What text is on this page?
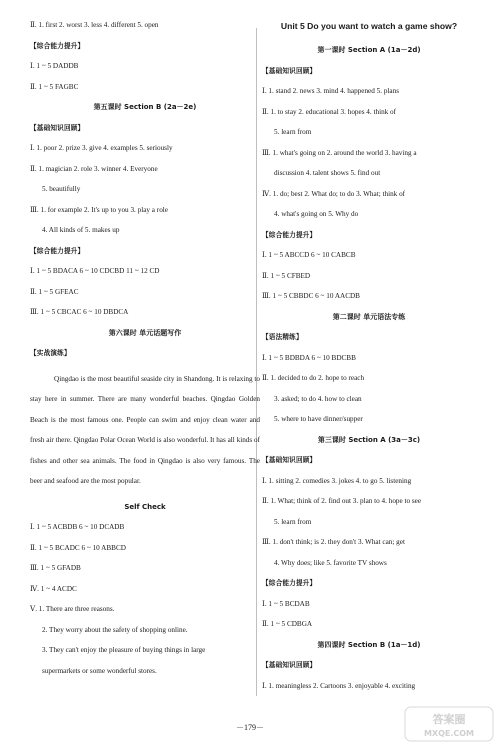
Ⅱ. 1. first 2. worst 3. less 4. different 5. open
【综合能力提升】
Ⅰ. 1 ~ 5 DADDB
Ⅱ. 1 ~ 5 FAGBC
第五课时 Section B (2a－2e)
【基础知识回顾】
Ⅰ. 1. poor 2. prize 3. give 4. examples 5. seriously
Ⅱ. 1. magician 2. role 3. winner 4. Everyone
5. beautifully
Ⅲ. 1. for example 2. It's up to you 3. play a role
4. All kinds of 5. makes up
【综合能力提升】
Ⅰ. 1 ~ 5 BDACA 6 ~ 10 CDCBD 11 ~ 12 CD
Ⅱ. 1 ~ 5 GFEAC
Ⅲ. 1 ~ 5 CBCAC 6 ~ 10 DBDCA
第六课时 单元话题写作
【实战演练】
Qingdao is the most beautiful seaside city in Shandong. It is relaxing to stay here in summer. There are many wonderful beaches. Qingdao Golden Beach is the most famous one. People can swim and enjoy clean water and fresh air there. Qingdao Polar Ocean World is also wonderful. It has all kinds of fishes and other sea animals. The food in Qingdao is also very famous. The beer and seafood are the most popular.
Self Check
Ⅰ. 1 ~ 5 ACBDB 6 ~ 10 DCADB
Ⅱ. 1 ~ 5 BCADC 6 ~ 10 ABBCD
Ⅲ. 1 ~ 5 GFADB
Ⅳ. 1 ~ 4 ACDC
Ⅴ. 1. There are three reasons.
2. They worry about the safety of shopping online.
3. They can't enjoy the pleasure of buying things in large
supermarkets or some wonderful stores.
Unit 5 Do you want to watch a game show?
第一课时 Section A (1a－2d)
【基础知识回顾】
Ⅰ. 1. stand 2. news 3. mind 4. happened 5. plans
Ⅱ. 1. to stay 2. educational 3. hopes 4. think of
5. learn from
Ⅲ. 1. what's going on 2. around the world 3. having a
discussion 4. talent shows 5. find out
Ⅳ. 1. do; best 2. What do; to do 3. What; think of
4. what's going on 5. Why do
【综合能力提升】
Ⅰ. 1 ~ 5 ABCCD 6 ~ 10 CABCB
Ⅱ. 1 ~ 5 CFBED
Ⅲ. 1 ~ 5 CBBDC 6 ~ 10 AACDB
第二课时 单元语法专练
【语法精练】
Ⅰ. 1 ~ 5 BDBDA 6 ~ 10 BDCBB
Ⅱ. 1. decided to do 2. hope to reach
3. asked; to do 4. how to clean
5. where to have dinner/supper
第三课时 Section A (3a－3c)
【基础知识回顾】
Ⅰ. 1. sitting 2. comedies 3. jokes 4. to go 5. listening
Ⅱ. 1. What; think of 2. find out 3. plan to 4. hope to see
5. learn from
Ⅲ. 1. don't think; is 2. they don't 3. What can; get
4. Why does; like 5. favorite TV shows
【综合能力提升】
Ⅰ. 1 ~ 5 BCDAB
Ⅱ. 1 ~ 5 CDBGA
第四课时 Section B (1a－1d)
【基础知识回顾】
Ⅰ. 1. meaningless 2. Cartoons 3. enjoyable 4. exciting
－179－
答案圈
MXQE.COM
